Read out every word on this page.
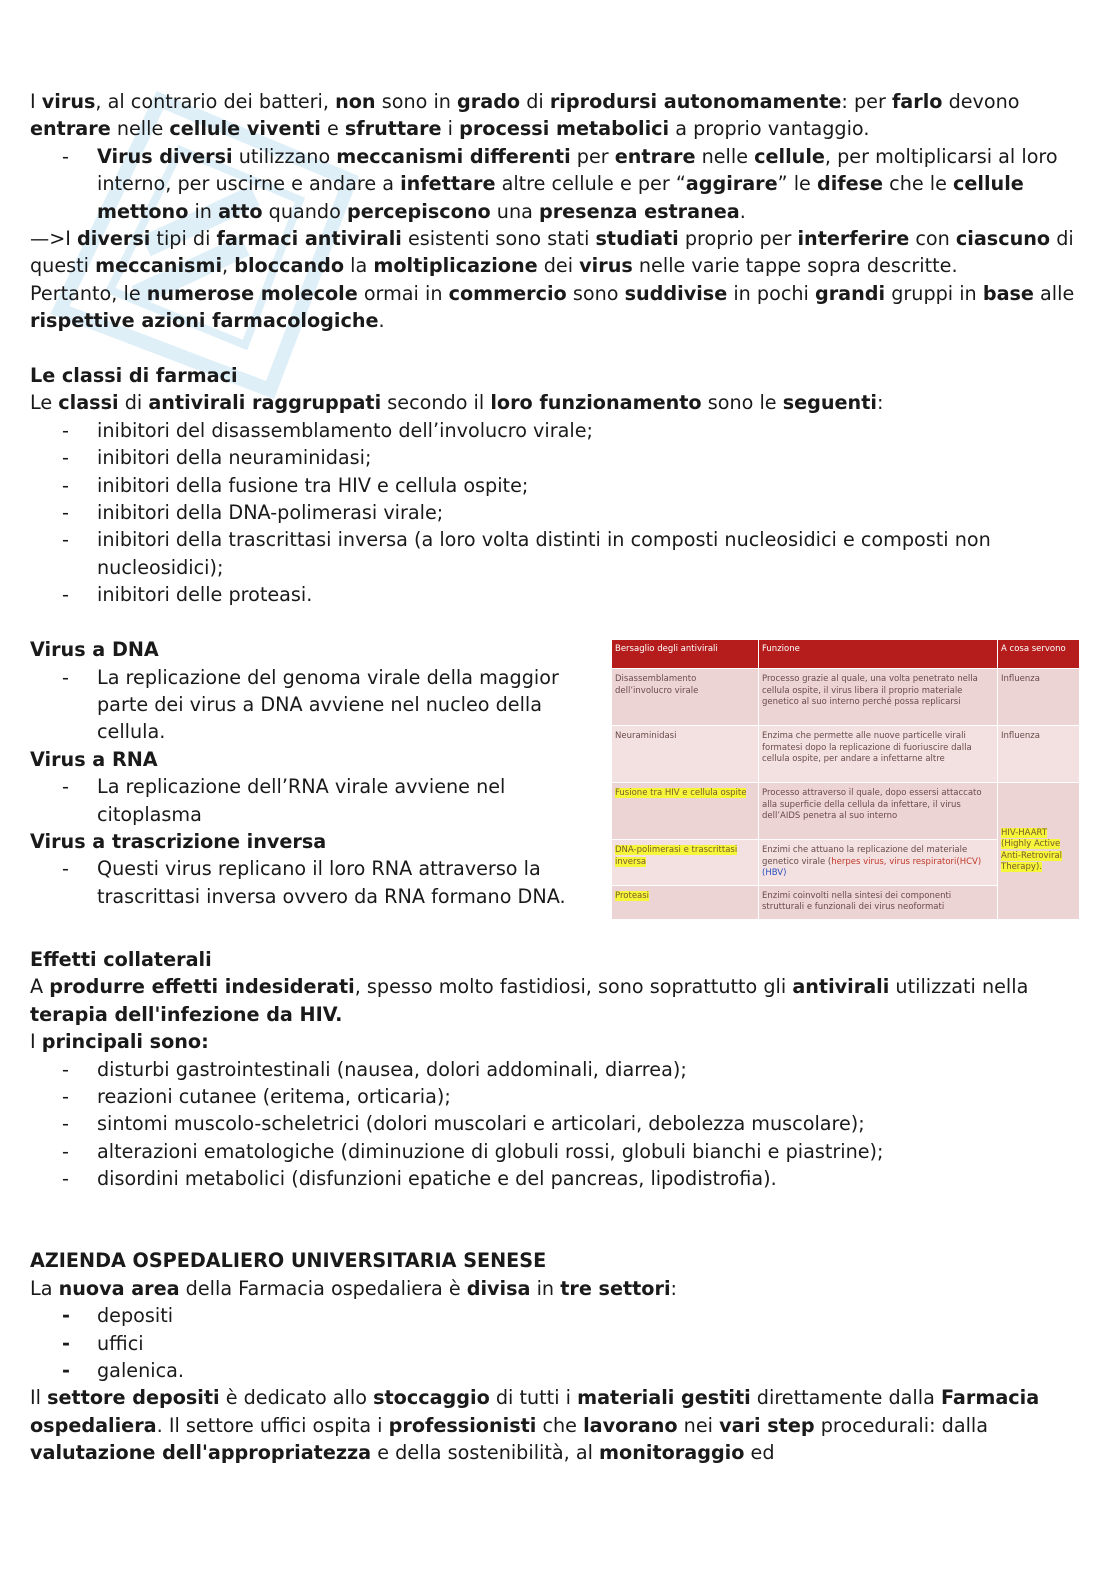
I virus, al contrario dei batteri, non sono in grado di riprodursi autonomamente: per farlo devono entrare nelle cellule viventi e sfruttare i processi metabolici a proprio vantaggio.

- Virus diversi utilizzano meccanismi differenti per entrare nelle cellule, per moltiplicarsi al loro interno, per uscirne e andare a infettare altre cellule e per “aggirare” le difese che le cellule mettono in atto quando percepiscono una presenza estranea.

—>I diversi tipi di farmaci antivirali esistenti sono stati studiati proprio per interferire con ciascuno di questi meccanismi, bloccando la moltiplicazione dei virus nelle varie tappe sopra descritte.

Pertanto, le numerose molecole ormai in commercio sono suddivise in pochi grandi gruppi in base alle rispettive azioni farmacologiche.

Le classi di farmaci

Le classi di antivirali raggruppati secondo il loro funzionamento sono le seguenti:

- inibitori del disassemblamento dell’involucro virale;
- inibitori della neuraminidasi;
- inibitori della fusione tra HIV e cellula ospite;
- inibitori della DNA-polimerasi virale;
- inibitori della trascrittasi inversa (a loro volta distinti in composti nucleosidici e composti non nucleosidici);
- inibitori delle proteasi.

Virus a DNA

- La replicazione del genoma virale della maggior parte dei virus a DNA avviene nel nucleo della cellula.

Virus a RNA

- La replicazione dell’RNA virale avviene nel citoplasma

Virus a trascrizione inversa

- Questi virus replicano il loro RNA attraverso la trascrittasi inversa ovvero da RNA formano DNA.
Bersaglio degli antivirali	Funzione	A cosa servono
Disassemblamento dell’involucro virale	Processo grazie al quale, una volta penetrato nella cellula ospite, il virus libera il proprio materiale genetico al suo interno perché possa replicarsi	Influenza
Neuraminidasi	Enzima che permette alle nuove particelle virali formatesi dopo la replicazione di fuoriuscire dalla cellula ospite, per andare a infettarne altre	Influenza
Fusione tra HIV e cellula ospite	Processo attraverso il quale, dopo essersi attaccato alla superficie della cellula da infettare, il virus dell’AIDS penetra al suo interno	HIV-HAART (Highly Active Anti-Retroviral Therapy).
DNA-polimerasi e trascrittasi inversa	Enzimi che attuano la replicazione del materiale genetico virale (herpes virus, virus respiratori(HCV) (HBV)	
Proteasi	Enzimi coinvolti nella sintesi dei componenti strutturali e funzionali dei virus neoformati	

Effetti collaterali

A produrre effetti indesiderati, spesso molto fastidiosi, sono soprattutto gli antivirali utilizzati nella terapia dell'infezione da HIV.

I principali sono:

- disturbi gastrointestinali (nausea, dolori addominali, diarrea);
- reazioni cutanee (eritema, orticaria);
- sintomi muscolo-scheletrici (dolori muscolari e articolari, debolezza muscolare);
- alterazioni ematologiche (diminuzione di globuli rossi, globuli bianchi e piastrine);
- disordini metabolici (disfunzioni epatiche e del pancreas, lipodistrofia).

AZIENDA OSPEDALIERO UNIVERSITARIA SENESE

La nuova area della Farmacia ospedaliera è divisa in tre settori:

- depositi
- uffici
- galenica.

Il settore depositi è dedicato allo stoccaggio di tutti i materiali gestiti direttamente dalla Farmacia ospedaliera. Il settore uffici ospita i professionisti che lavorano nei vari step procedurali: dalla valutazione dell'appropriatezza e della sostenibilità, al monitoraggio ed
